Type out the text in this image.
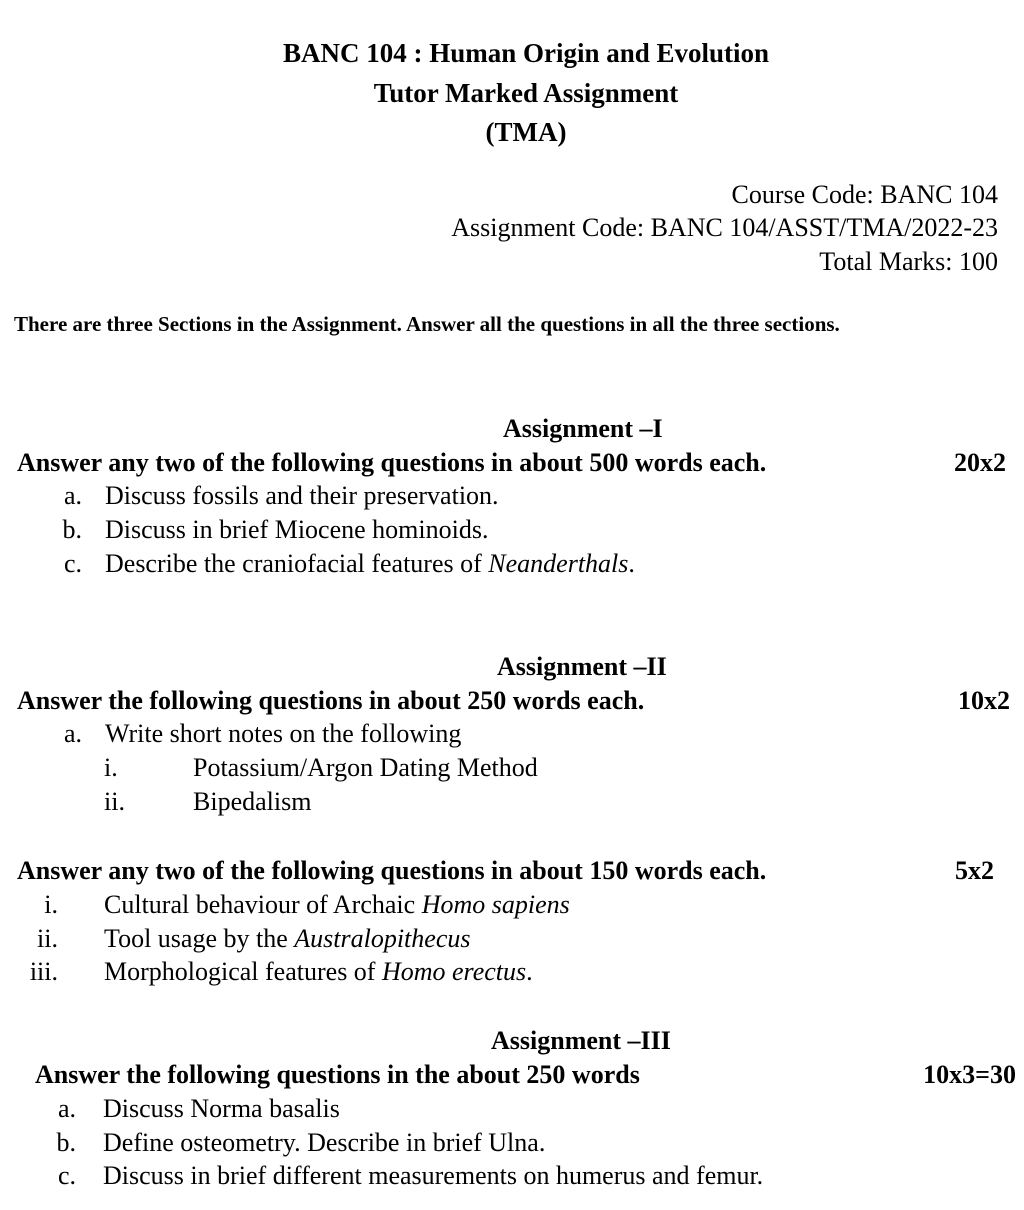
BANC 104 : Human Origin and Evolution
Tutor Marked Assignment
(TMA)
Course Code: BANC 104
Assignment Code: BANC 104/ASST/TMA/2022-23
Total Marks: 100
There are three Sections in the Assignment. Answer all the questions in all the three sections.
Assignment –I
Answer any two of the following questions in about 500 words each.	20x2
a. Discuss fossils and their preservation.
b. Discuss in brief Miocene hominoids.
c. Describe the craniofacial features of Neanderthals.
Assignment –II
Answer the following questions in about 250 words each.	10x2
a. Write short notes on the following
i.	Potassium/Argon Dating Method
ii.	Bipedalism
Answer any two of the following questions in about 150 words each.	5x2
i. Cultural behaviour of Archaic Homo sapiens
ii. Tool usage by the Australopithecus
iii. Morphological features of Homo erectus.
Assignment –III
Answer the following questions in the about 250 words	10x3=30
a. Discuss Norma basalis
b. Define osteometry. Describe in brief Ulna.
c. Discuss in brief different measurements on humerus and femur.
